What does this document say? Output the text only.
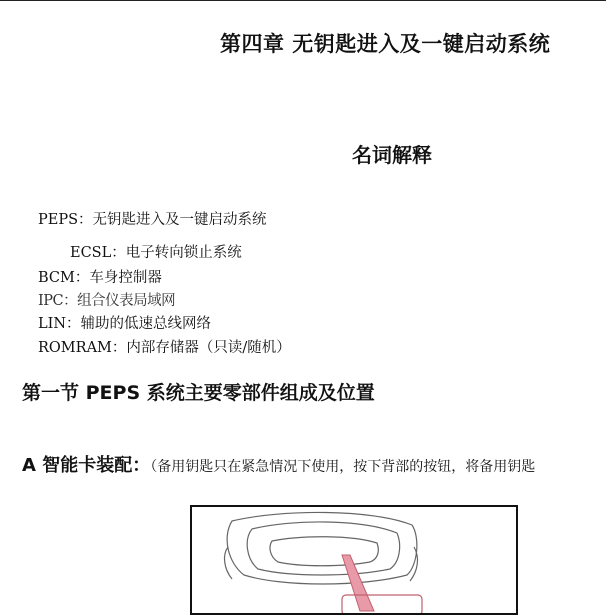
第四章 无钥匙进入及一键启动系统
名词解释
PEPS：无钥匙进入及一键启动系统
ECSL：电子转向锁止系统
BCM：车身控制器
IPC：组合仪表局域网
LIN：辅助的低速总线网络
ROMRAM：内部存储器（只读/随机）
第一节 PEPS 系统主要零部件组成及位置
A 智能卡装配：（备用钥匙只在紧急情况下使用，按下背部的按钮，将备用钥匙
